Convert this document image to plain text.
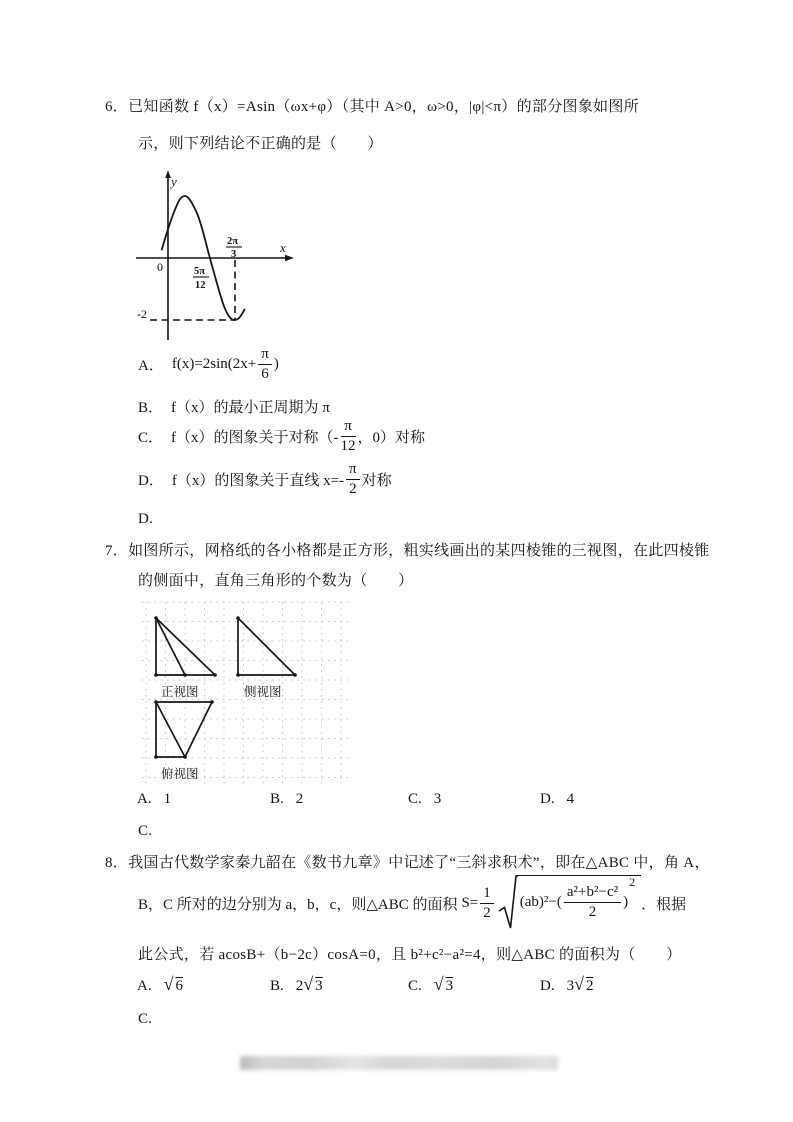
6．已知函数 f（x）=Asin（ωx+φ）（其中 A>0，ω>0，|φ|<π）的部分图象如图所
示，则下列结论不正确的是（　　）
y
x
0
-2
5π
12
2π
3
A． $f(x)=2\sin(2x+ \frac{\pi}{6}$ )
B． f（x）的最小正周期为 π
C． f（x）的图象关于对称（- $\frac{\pi}{12}$ ，0）对称
D． f（x）的图象关于直线 $x=- \frac{\pi}{2}$ 对称
D.
7．如图所示，网格纸的各小格都是正方形，粗实线画出的某四棱锥的三视图，在此四棱锥
的侧面中，直角三角形的个数为（　　）
正视图	侧视图
俯视图
A. 1	B. 2	C. 3	D. 4
C.
8．我国古代数学家秦九韶在《数书九章》中记述了“三斜求积术”，即在△ABC 中，角 A，
B，C 所对的边分别为 a，b，c，则△ABC 的面积 $S= \frac{1}{2} (ab)^2-( \frac{\text{a²+b²−c²}}{2}$ )
2
．根据
此公式，若 acosB+（b−2c）cosA=0，且 b²+c²−a²=4，则△ABC 的面积为（　　）
A. √ 6	B. 2 √ 3	C. √ 3	D. 3 √ 2
C.
